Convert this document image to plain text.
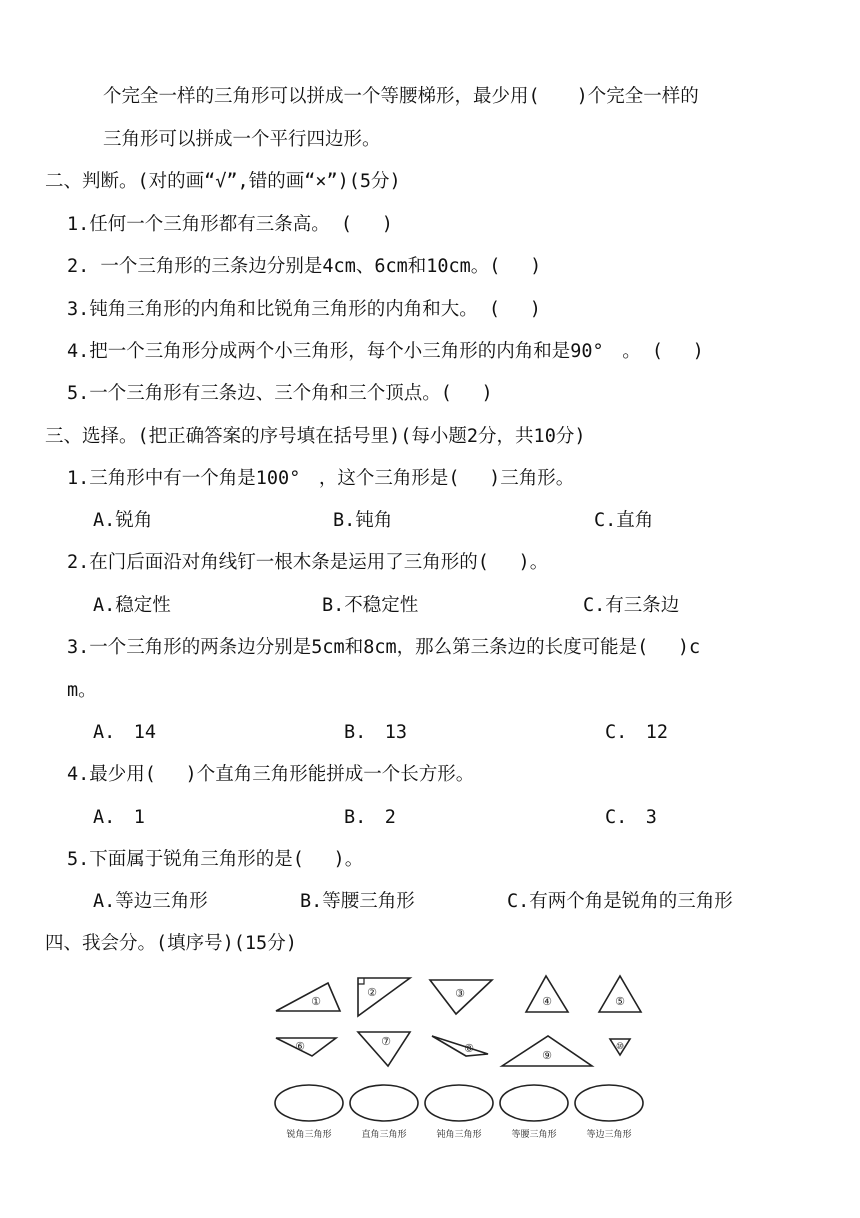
个完全一样的三角形可以拼成一个等腰梯形，最少用(　　)个完全一样的
三角形可以拼成一个平行四边形。
二、判断。(对的画“√”,错的画“×”)(5分)
1.任何一个三角形都有三条高。 (　 )
2. 一个三角形的三条边分别是4cm、6cm和10cm。(　 )
3.钝角三角形的内角和比锐角三角形的内角和大。 (　 )
4.把一个三角形分成两个小三角形，每个小三角形的内角和是90°　。 (　 )
5.一个三角形有三条边、三个角和三个顶点。(　 )
三、选择。(把正确答案的序号填在括号里)(每小题2分，共10分)
1.三角形中有一个角是100°　，这个三角形是(　 )三角形。
A.锐角	B.钝角	C.直角
2.在门后面沿对角线钉一根木条是运用了三角形的(　 )。
A.稳定性	B.不稳定性	C.有三条边
3.一个三角形的两条边分别是5cm和8cm，那么第三条边的长度可能是(　 )c
m。
A.　14	B.　13	C.　12
4.最少用(　 )个直角三角形能拼成一个长方形。
A.　1	B.　2	C.　3
5.下面属于锐角三角形的是(　 )。
A.等边三角形	B.等腰三角形	C.有两个角是锐角的三角形
四、我会分。(填序号)(15分)
①
②	③
④	⑤
⑥	⑦
⑧
⑨
⑩
锐角三角形	直角三角形	钝角三角形	等腰三角形	等边三角形
